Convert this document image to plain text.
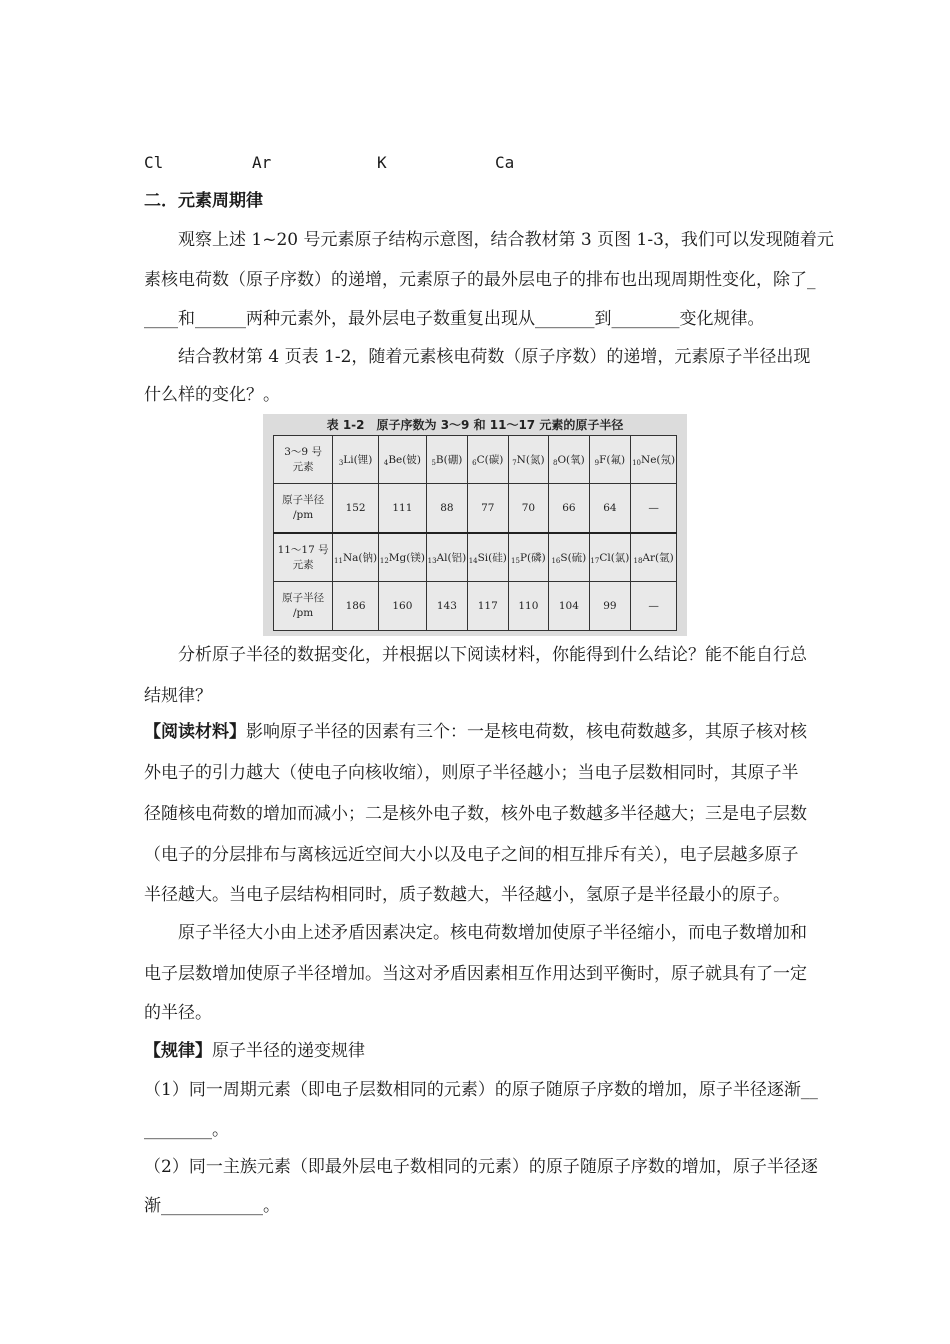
Cl	Ar	K	Ca
二．元素周期律
观察上述 1~20 号元素原子结构示意图，结合教材第 3 页图 1-3，我们可以发现随着元
素核电荷数（原子序数）的递增，元素原子的最外层电子的排布也出现周期性变化，除了_
____和______两种元素外，最外层电子数重复出现从_______到________变化规律。
结合教材第 4 页表 1-2，随着元素核电荷数（原子序数）的递增，元素原子半径出现
什么样的变化？。
表 1-2　原子序数为 3～9 和 11～17 元素的原子半径
3～9 号
元素	$_3$Li(锂)	$_4$Be(铍)	$_5$B(硼)	$_6$C(碳)	$_7$N(氮)	$_8$O(氧)	$_9$F(氟)	$_{10}$Ne(氖)
原子半径
/pm	152	111	88	77	70	66	64	—
11～17 号
元素	$_{11}$Na(钠)	$_{12}$Mg(镁)	$_{13}$Al(铝)	$_{14}$Si(硅)	$_{15}$P(磷)	$_{16}$S(硫)	$_{17}$Cl(氯)	$_{18}$Ar(氩)
原子半径
/pm	186	160	143	117	110	104	99	—
分析原子半径的数据变化，并根据以下阅读材料，你能得到什么结论？能不能自行总
结规律？
【阅读材料】影响原子半径的因素有三个：一是核电荷数，核电荷数越多，其原子核对核
外电子的引力越大（使电子向核收缩），则原子半径越小；当电子层数相同时，其原子半
径随核电荷数的增加而减小；二是核外电子数，核外电子数越多半径越大；三是电子层数
（电子的分层排布与离核远近空间大小以及电子之间的相互排斥有关），电子层越多原子
半径越大。当电子层结构相同时，质子数越大，半径越小，氢原子是半径最小的原子。
原子半径大小由上述矛盾因素决定。核电荷数增加使原子半径缩小，而电子数增加和
电子层数增加使原子半径增加。当这对矛盾因素相互作用达到平衡时，原子就具有了一定
的半径。
【规律】原子半径的递变规律
（1）同一周期元素（即电子层数相同的元素）的原子随原子序数的增加，原子半径逐渐__
________。
（2）同一主族元素（即最外层电子数相同的元素）的原子随原子序数的增加，原子半径逐
渐____________。
